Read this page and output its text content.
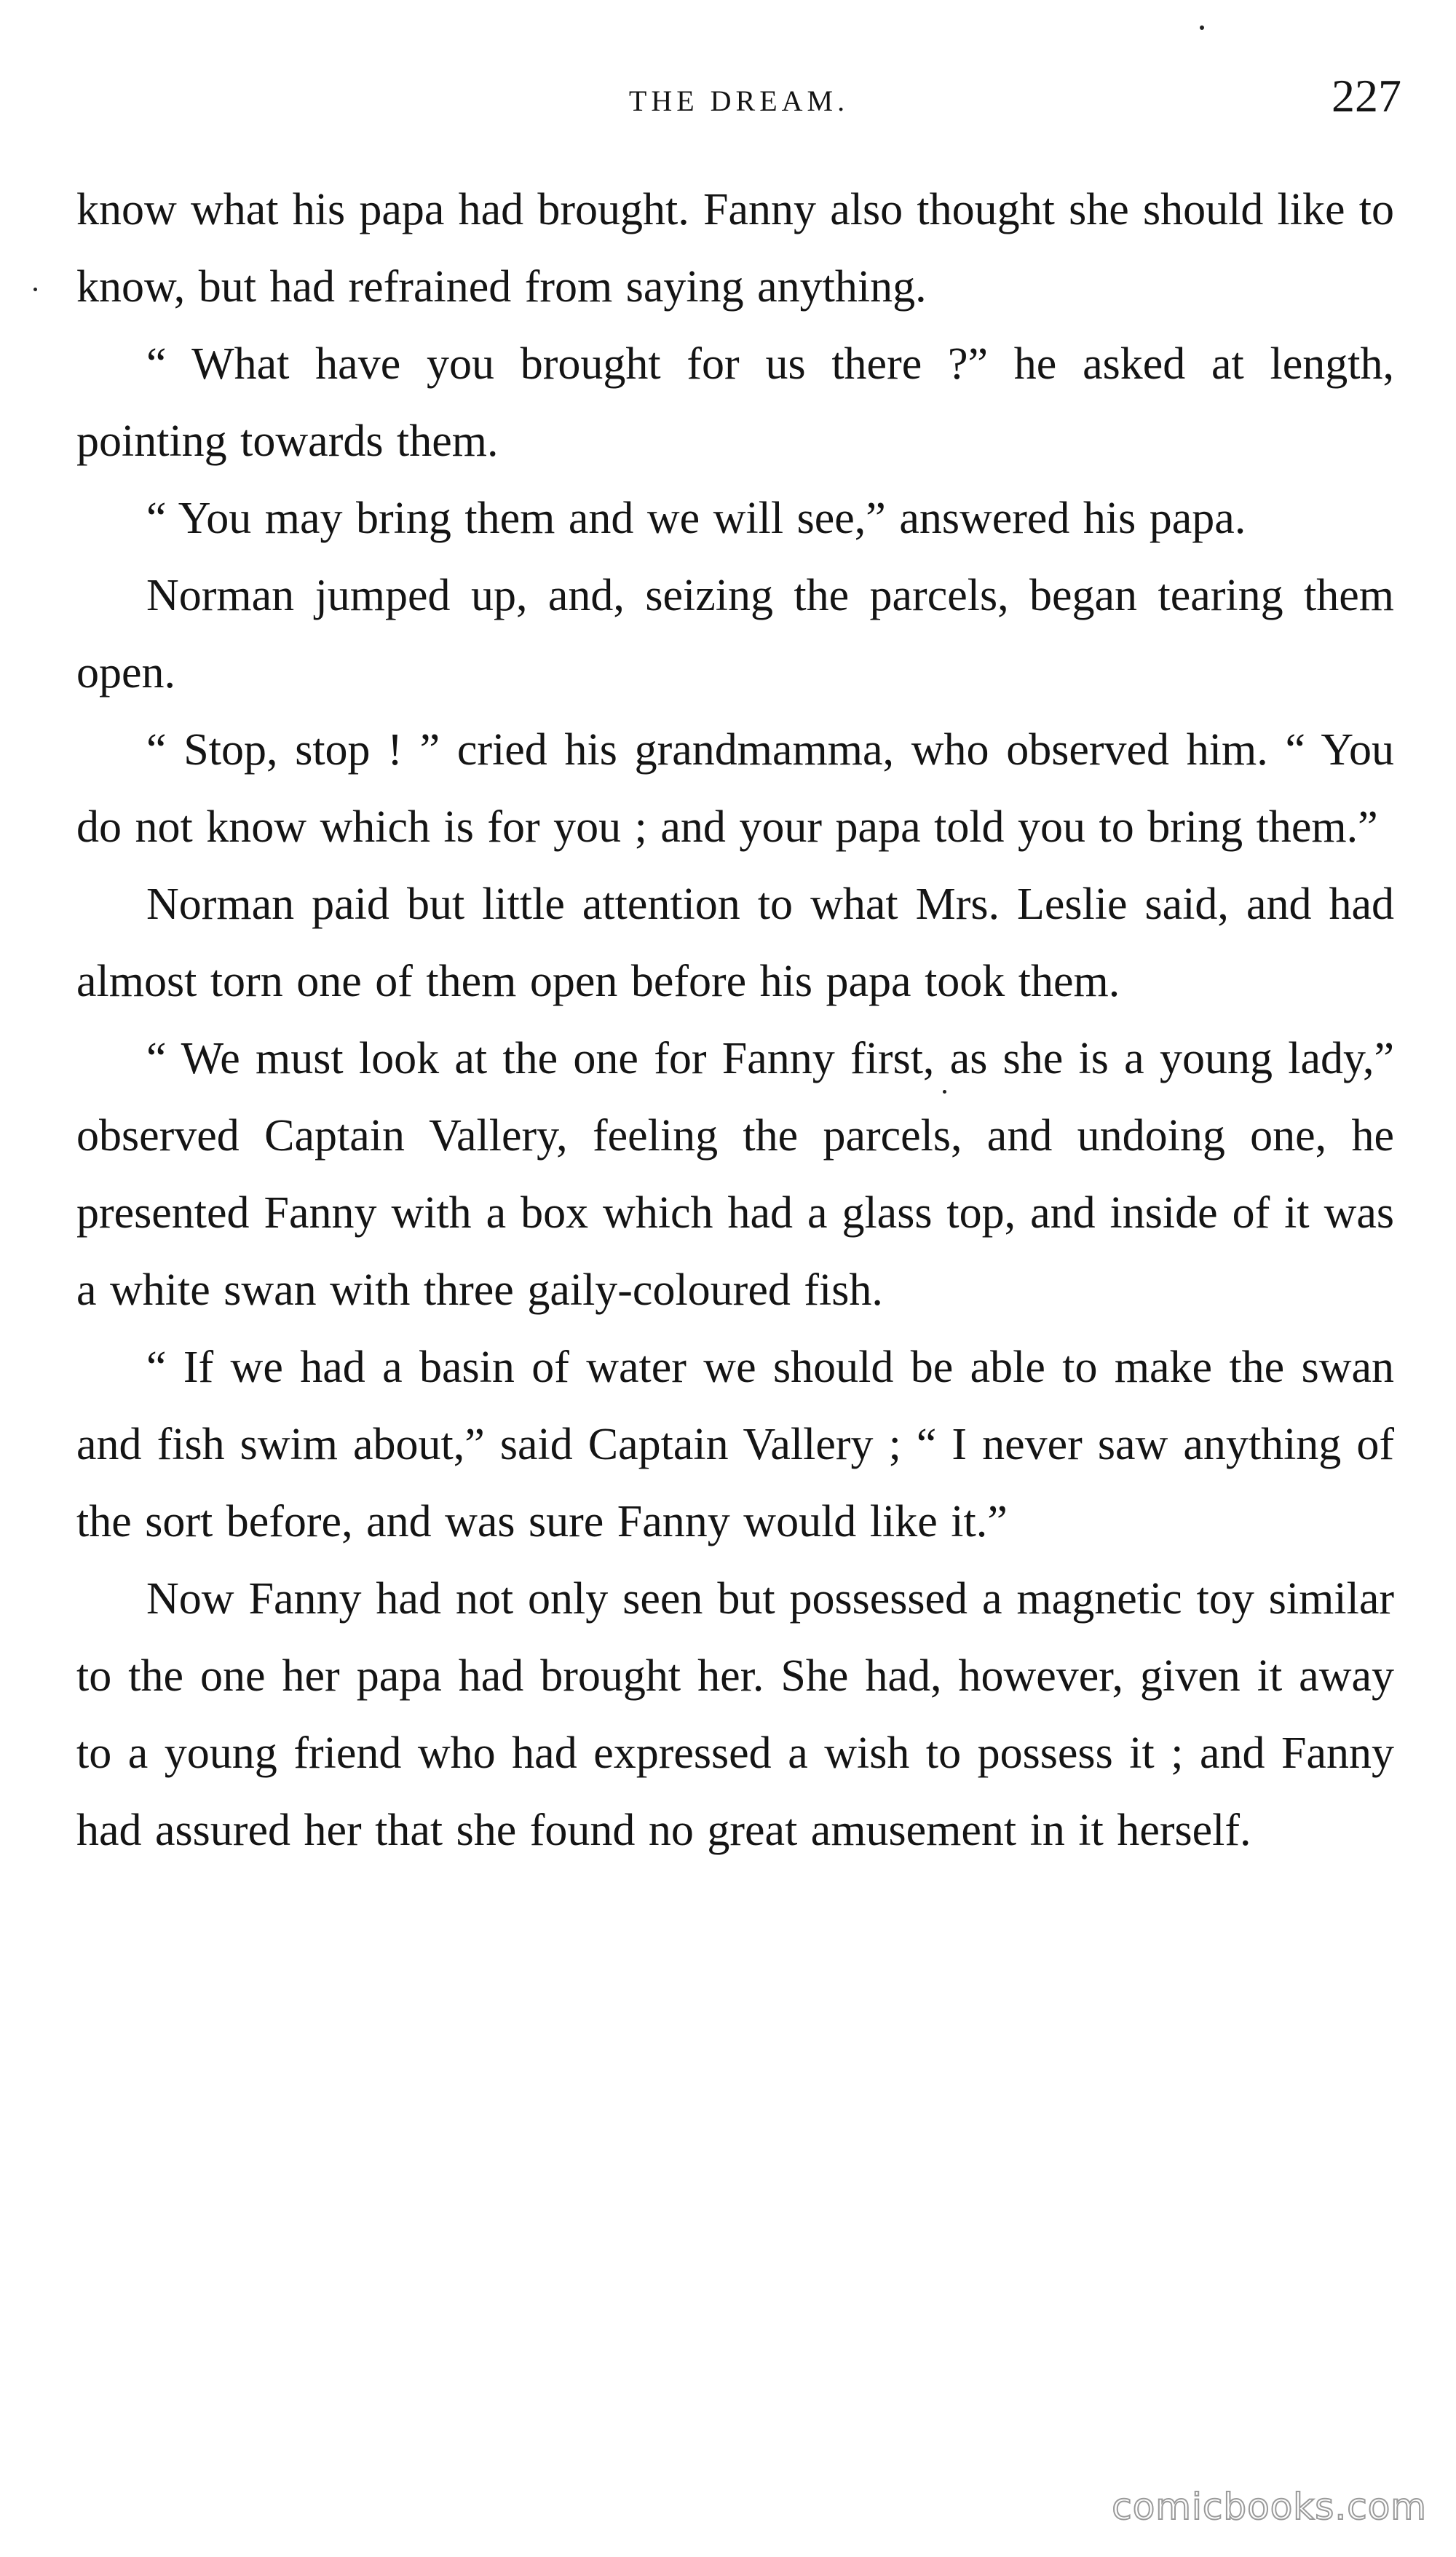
THE DREAM.	227

know what his papa had brought. Fanny also thought she should like to know, but had refrained from saying anything.

“ What have you brought for us there ?” he asked at length, pointing towards them.

“ You may bring them and we will see,” answered his papa.

Norman jumped up, and, seizing the parcels, began tearing them open.

“ Stop, stop ! ” cried his grandmamma, who observed him. “ You do not know which is for you ; and your papa told you to bring them.”

Norman paid but little attention to what Mrs. Leslie said, and had almost torn one of them open before his papa took them.

“ We must look at the one for Fanny first, as she is a young lady,” observed Captain Vallery, feeling the parcels, and undoing one, he presented Fanny with a box which had a glass top, and inside of it was a white swan with three gaily-coloured fish.

“ If we had a basin of water we should be able to make the swan and fish swim about,” said Captain Vallery ; “ I never saw anything of the sort before, and was sure Fanny would like it.”

Now Fanny had not only seen but possessed a magnetic toy similar to the one her papa had brought her. She had, however, given it away to a young friend who had expressed a wish to possess it ; and Fanny had assured her that she found no great amusement in it herself.

comicbooks.com
